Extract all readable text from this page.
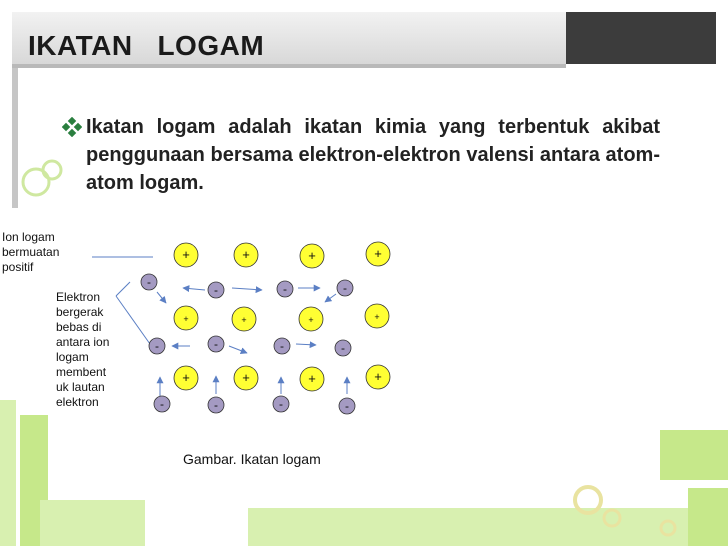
IKATAN   LOGAM
Ikatan logam adalah ikatan kimia yang terbentuk akibat penggunaan bersama elektron-elektron valensi antara atom-atom logam.
Ion logam bermuatan positif
Elektron bergerak bebas di antara ion logam membent uk lautan elektron
+	+	+	+
+	+	+	+
+	+	+	+
-
-	-	-
-	-	-	-
-	-	-	-
Gambar. Ikatan logam
